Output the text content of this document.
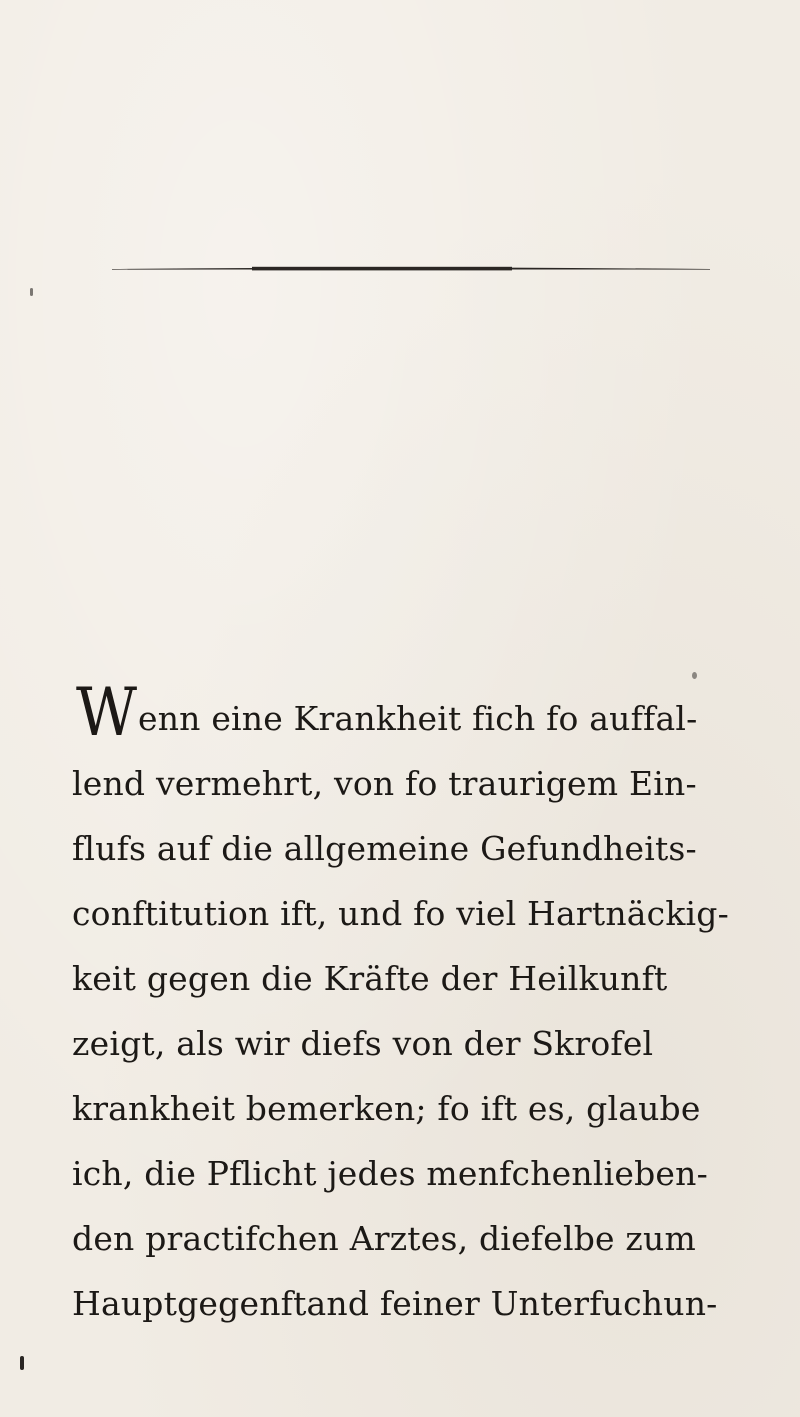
W enn eine Krankheit fich fo auffal-
lend vermehrt, von fo traurigem Ein-
flufs auf die allgemeine Gefundheits-
conftitution ift, und fo viel Hartnäckig-
keit gegen die Kräfte der Heilkunft
zeigt, als wir diefs von der Skrofel
krankheit bemerken; fo ift es, glaube
ich, die Pflicht jedes menfchenlieben-
den practifchen Arztes, diefelbe zum
Hauptgegenftand feiner Unterfuchun-
